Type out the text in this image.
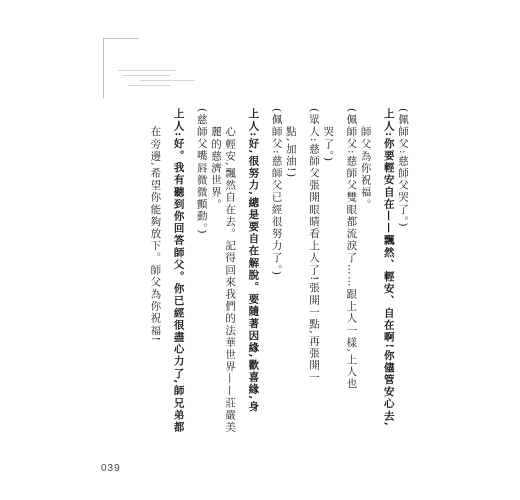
(佩師父:慈師父哭了。)
上人:你要輕安自在——飄然、輕安、自在啊!你儘管安心去,
師父為你祝福。
(佩師父:慈師父雙眼都流淚了……跟上人一樣,上人也
哭了。)
(眾人:慈師父張開眼睛看上人了!張開一點,再張開一
點,加油!)
(佩師父:慈師父已經很努力了。)
上人:好,很努力,總是要自在解脫。要隨著因緣,歡喜緣,身
心輕安,飄然自在去。記得回來我們的法華世界——莊嚴美
麗的慈濟世界。
(慈師父嘴唇微微顫動。)
上人:好。我有聽到你回答師父。你已經很盡心力了,師兄弟都
在旁邊,希望你能夠放下。師父為你祝福!
039
